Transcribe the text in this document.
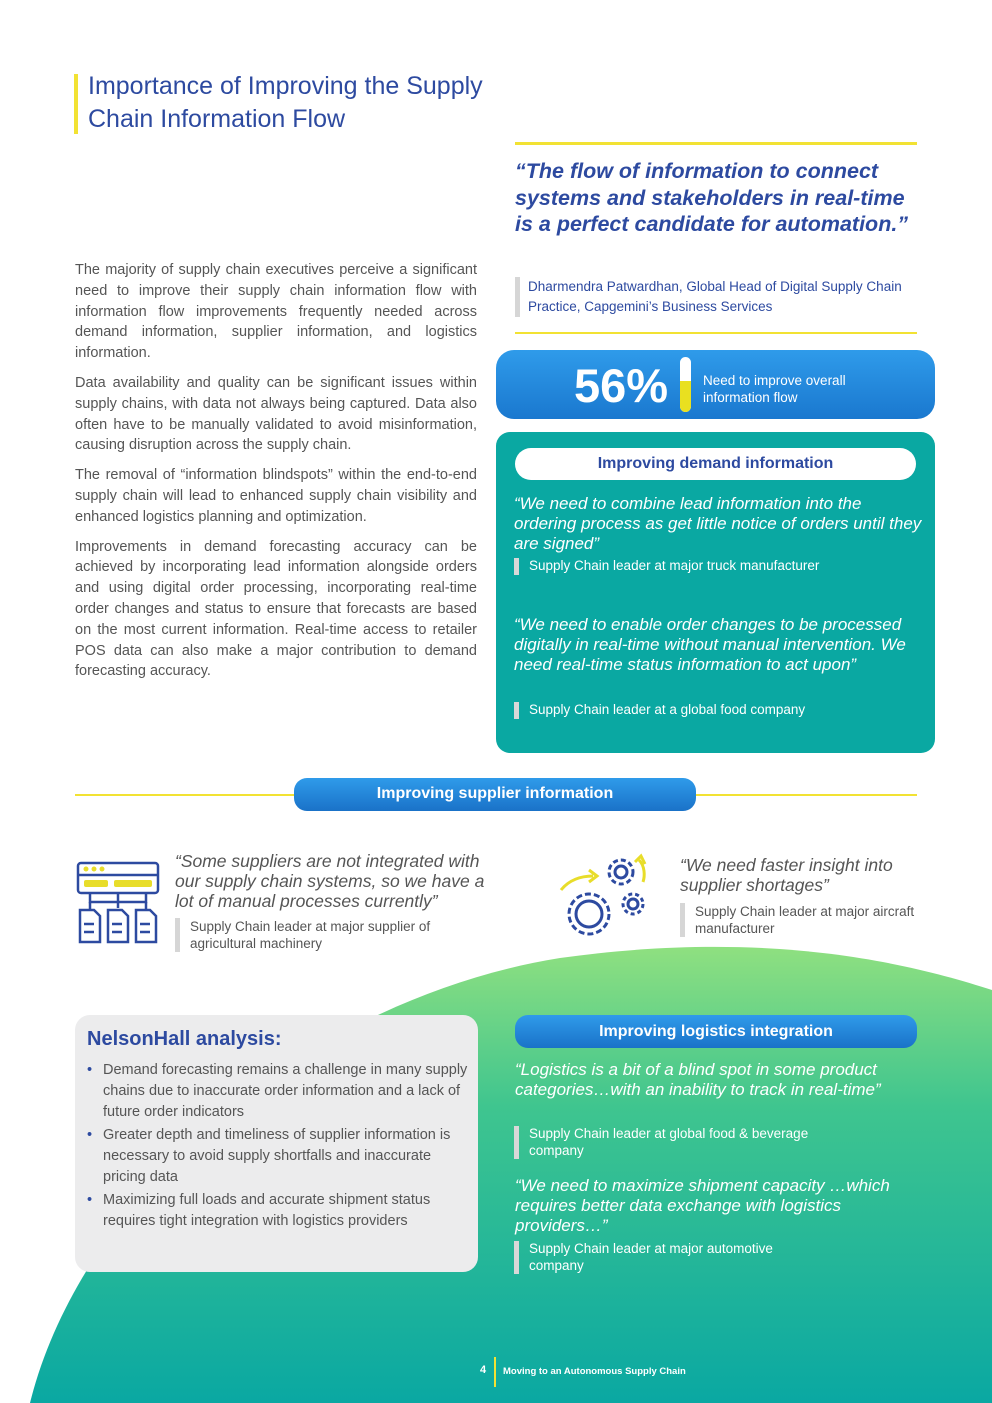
Importance of Improving the Supply Chain Information Flow

The majority of supply chain executives perceive a significant need to improve their supply chain information flow with information flow improvements frequently needed across demand information, supplier information, and logistics information.

Data availability and quality can be significant issues within supply chains, with data not always being captured. Data also often have to be manually validated to avoid misinformation, causing disruption across the supply chain.

The removal of “information blindspots” within the end-to-end supply chain will lead to enhanced supply chain visibility and enhanced logistics planning and optimization.

Improvements in demand forecasting accuracy can be achieved by incorporating lead information alongside orders and using digital order processing, incorporating real-time order changes and status to ensure that forecasts are based on the most current information. Real-time access to retailer POS data can also make a major contribution to demand forecasting accuracy.

“The flow of information to connect systems and stakeholders in real-time is a perfect candidate for automation.”
Dharmendra Patwardhan, Global Head of Digital Supply Chain Practice, Capgemini’s Business Services
56%	Need to improve overall information flow
Improving demand information
“We need to combine lead information into the ordering process as get little notice of orders until they are signed”
Supply Chain leader at major truck manufacturer
“We need to enable order changes to be processed digitally in real-time without manual intervention. We need real-time status information to act upon”
Supply Chain leader at a global food company
Improving supplier information
“Some suppliers are not integrated with our supply chain systems, so we have a lot of manual processes currently”
Supply Chain leader at major supplier of agricultural machinery
“We need faster insight into supplier shortages”
Supply Chain leader at major aircraft manufacturer
NelsonHall analysis:
• Demand forecasting remains a challenge in many supply chains due to inaccurate order information and a lack of future order indicators
• Greater depth and timeliness of supplier information is necessary to avoid supply shortfalls and inaccurate pricing data
• Maximizing full loads and accurate shipment status requires tight integration with logistics providers
Improving logistics integration
“Logistics is a bit of a blind spot in some product categories…with an inability to track in real-time”
Supply Chain leader at global food & beverage company
“We need to maximize shipment capacity …which requires better data exchange with logistics providers…”
Supply Chain leader at major automotive company
4 Moving to an Autonomous Supply Chain
